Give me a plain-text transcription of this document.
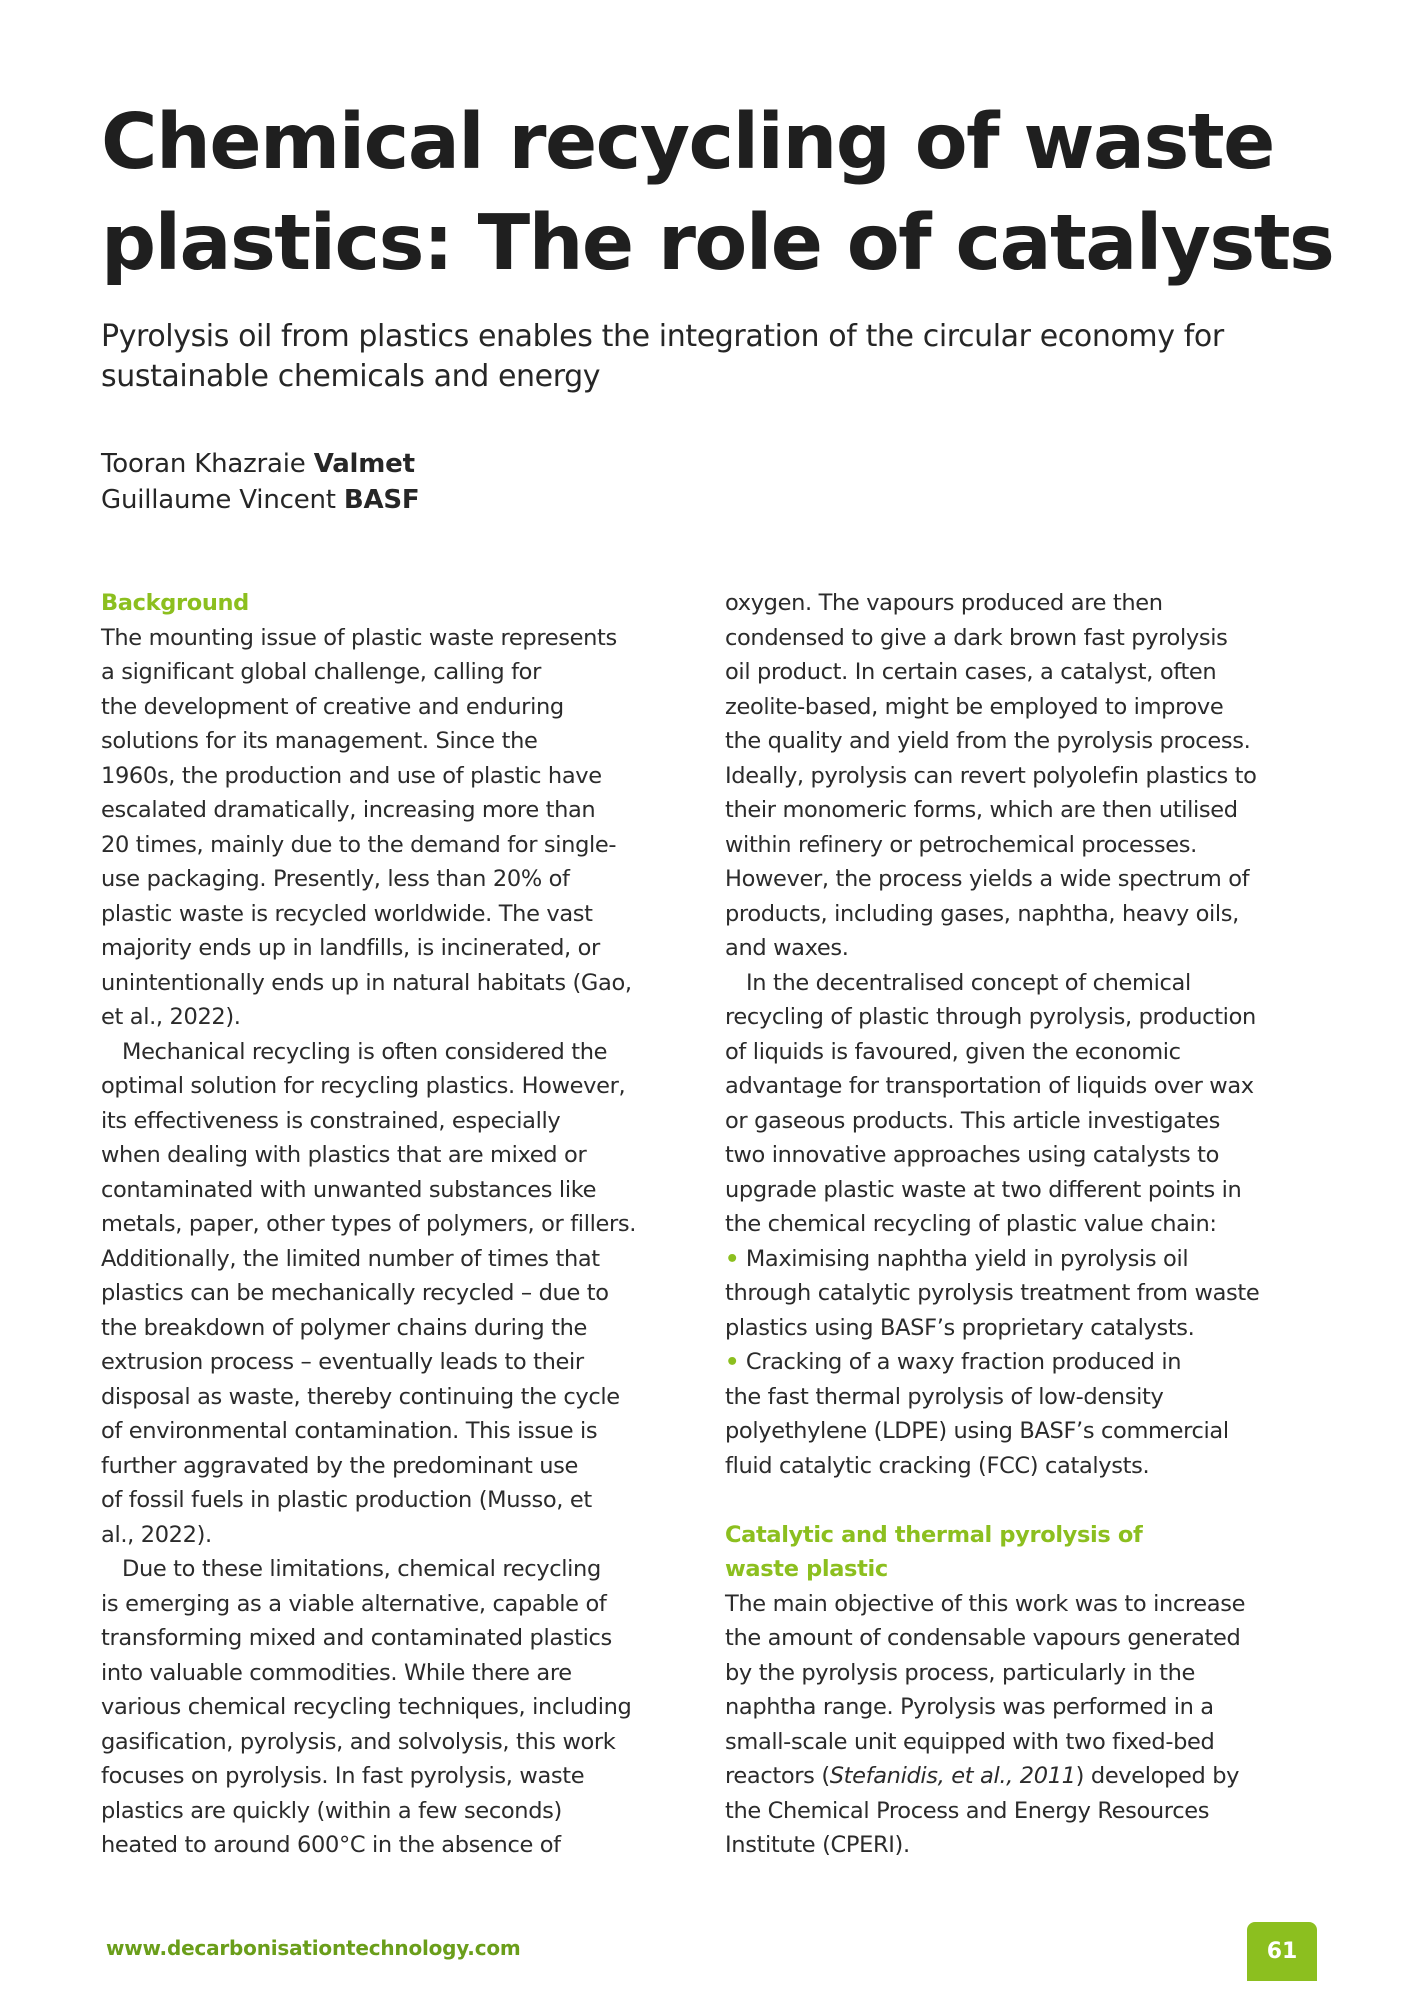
Chemical recycling of waste
plastics: The role of catalysts
Pyrolysis oil from plastics enables the integration of the circular economy for
sustainable chemicals and energy
Tooran Khazraie Valmet
Guillaume Vincent BASF
Background
The mounting issue of plastic waste represents
a significant global challenge, calling for
the development of creative and enduring
solutions for its management. Since the
1960s, the production and use of plastic have
escalated dramatically, increasing more than
20 times, mainly due to the demand for single-
use packaging. Presently, less than 20% of
plastic waste is recycled worldwide. The vast
majority ends up in landfills, is incinerated, or
unintentionally ends up in natural habitats (Gao,
et al., 2022).
Mechanical recycling is often considered the
optimal solution for recycling plastics. However,
its effectiveness is constrained, especially
when dealing with plastics that are mixed or
contaminated with unwanted substances like
metals, paper, other types of polymers, or fillers.
Additionally, the limited number of times that
plastics can be mechanically recycled – due to
the breakdown of polymer chains during the
extrusion process – eventually leads to their
disposal as waste, thereby continuing the cycle
of environmental contamination. This issue is
further aggravated by the predominant use
of fossil fuels in plastic production (Musso, et
al., 2022).
Due to these limitations, chemical recycling
is emerging as a viable alternative, capable of
transforming mixed and contaminated plastics
into valuable commodities. While there are
various chemical recycling techniques, including
gasification, pyrolysis, and solvolysis, this work
focuses on pyrolysis. In fast pyrolysis, waste
plastics are quickly (within a few seconds)
heated to around 600°C in the absence of
oxygen. The vapours produced are then
condensed to give a dark brown fast pyrolysis
oil product. In certain cases, a catalyst, often
zeolite-based, might be employed to improve
the quality and yield from the pyrolysis process.
Ideally, pyrolysis can revert polyolefin plastics to
their monomeric forms, which are then utilised
within refinery or petrochemical processes.
However, the process yields a wide spectrum of
products, including gases, naphtha, heavy oils,
and waxes.
In the decentralised concept of chemical
recycling of plastic through pyrolysis, production
of liquids is favoured, given the economic
advantage for transportation of liquids over wax
or gaseous products. This article investigates
two innovative approaches using catalysts to
upgrade plastic waste at two different points in
the chemical recycling of plastic value chain:
• Maximising naphtha yield in pyrolysis oil
through catalytic pyrolysis treatment from waste
plastics using BASF’s proprietary catalysts.
• Cracking of a waxy fraction produced in
the fast thermal pyrolysis of low-density
polyethylene (LDPE) using BASF’s commercial
fluid catalytic cracking (FCC) catalysts.
Catalytic and thermal pyrolysis of
waste plastic
The main objective of this work was to increase
the amount of condensable vapours generated
by the pyrolysis process, particularly in the
naphtha range. Pyrolysis was performed in a
small-scale unit equipped with two fixed-bed
reactors (Stefanidis, et al., 2011) developed by
the Chemical Process and Energy Resources
Institute (CPERI).
www.decarbonisationtechnology.com	61
